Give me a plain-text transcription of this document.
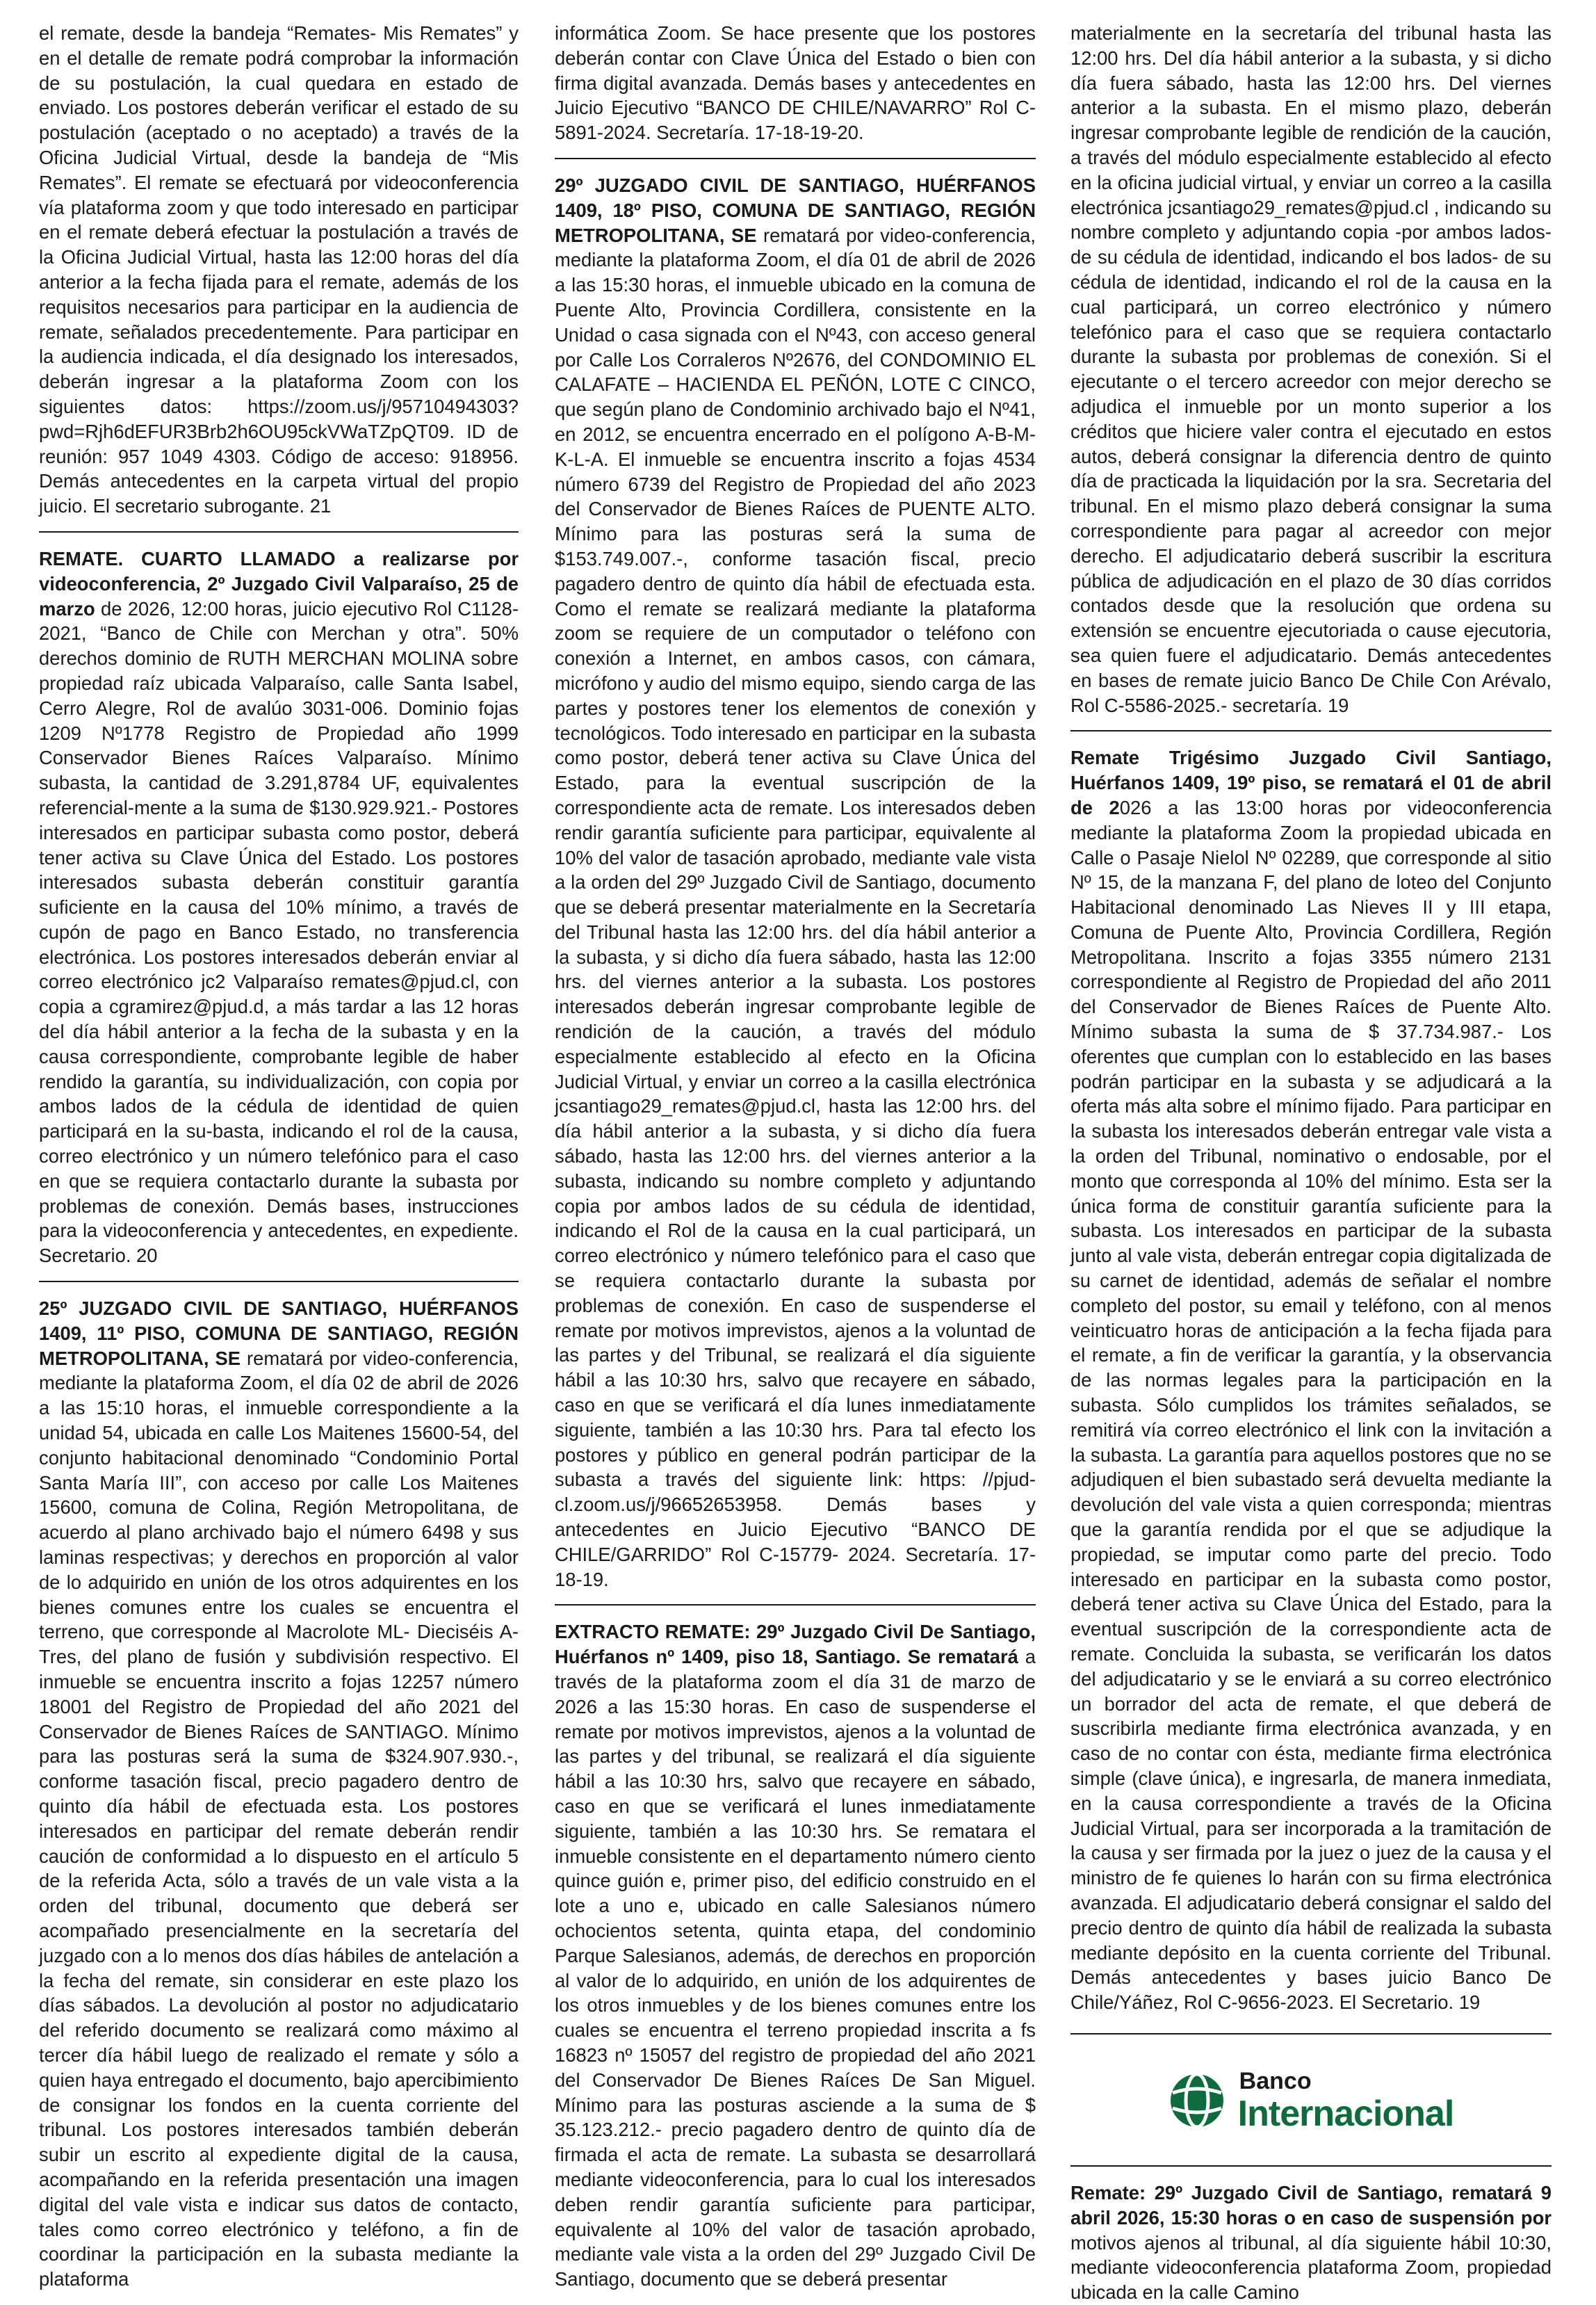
el remate, desde la bandeja “Remates- Mis Remates” y en el detalle de remate podrá comprobar la información de su postulación, la cual quedara en estado de enviado. Los postores deberán verificar el estado de su postulación (aceptado o no aceptado) a través de la Oficina Judicial Virtual, desde la bandeja de “Mis Remates”. El remate se efectuará por videoconferencia vía plataforma zoom y que todo interesado en participar en el remate deberá efectuar la postulación a través de la Oficina Judicial Virtual, hasta las 12:00 horas del día anterior a la fecha fijada para el remate, además de los requisitos necesarios para participar en la audiencia de remate, señalados precedentemente. Para participar en la audiencia indicada, el día designado los interesados, deberán ingresar a la plataforma Zoom con los siguientes datos: https://zoom.us/j/95710494303?pwd=Rjh6dEFUR3Brb2h6OU95ckVWaTZpQT09. ID de reunión: 957 1049 4303. Código de acceso: 918956. Demás antecedentes en la carpeta virtual del propio juicio. El secretario subrogante. 21

REMATE. CUARTO LLAMADO a realizarse por videoconferencia, 2º Juzgado Civil Valparaíso, 25 de marzo de 2026, 12:00 horas, juicio ejecutivo Rol C1128-2021, “Banco de Chile con Merchan y otra”. 50% derechos dominio de RUTH MERCHAN MOLINA sobre propiedad raíz ubicada Valparaíso, calle Santa Isabel, Cerro Alegre, Rol de avalúo 3031-006. Dominio fojas 1209 Nº1778 Registro de Propiedad año 1999 Conservador Bienes Raíces Valparaíso. Mínimo subasta, la cantidad de 3.291,8784 UF, equivalentes referencial-mente a la suma de $130.929.921.- Postores interesados en participar subasta como postor, deberá tener activa su Clave Única del Estado. Los postores interesados subasta deberán constituir garantía suficiente en la causa del 10% mínimo, a través de cupón de pago en Banco Estado, no transferencia electrónica. Los postores interesados deberán enviar al correo electrónico jc2 Valparaíso remates@pjud.cl, con copia a cgramirez@pjud.d, a más tardar a las 12 horas del día hábil anterior a la fecha de la subasta y en la causa correspondiente, comprobante legible de haber rendido la garantía, su individualización, con copia por ambos lados de la cédula de identidad de quien participará en la su-basta, indicando el rol de la causa, correo electrónico y un número telefónico para el caso en que se requiera contactarlo durante la subasta por problemas de conexión. Demás bases, instrucciones para la videoconferencia y antecedentes, en expediente. Secretario. 20

25º JUZGADO CIVIL DE SANTIAGO, HUÉRFANOS 1409, 11º PISO, COMUNA DE SANTIAGO, REGIÓN METROPOLITANA, SE rematará por video-conferencia, mediante la plataforma Zoom, el día 02 de abril de 2026 a las 15:10 horas, el inmueble correspondiente a la unidad 54, ubicada en calle Los Maitenes 15600-54, del conjunto habitacional denominado “Condominio Portal Santa María III”, con acceso por calle Los Maitenes 15600, comuna de Colina, Región Metropolitana, de acuerdo al plano archivado bajo el número 6498 y sus laminas respectivas; y derechos en proporción al valor de lo adquirido en unión de los otros adquirentes en los bienes comunes entre los cuales se encuentra el terreno, que corresponde al Macrolote ML- Dieciséis A- Tres, del plano de fusión y subdivisión respectivo. El inmueble se encuentra inscrito a fojas 12257 número 18001 del Registro de Propiedad del año 2021 del Conservador de Bienes Raíces de SANTIAGO. Mínimo para las posturas será la suma de $324.907.930.-, conforme tasación fiscal, precio pagadero dentro de quinto día hábil de efectuada esta. Los postores interesados en participar del remate deberán rendir caución de conformidad a lo dispuesto en el artículo 5 de la referida Acta, sólo a través de un vale vista a la orden del tribunal, documento que deberá ser acompañado presencialmente en la secretaría del juzgado con a lo menos dos días hábiles de antelación a la fecha del remate, sin considerar en este plazo los días sábados. La devolución al postor no adjudicatario del referido documento se realizará como máximo al tercer día hábil luego de realizado el remate y sólo a quien haya entregado el documento, bajo apercibimiento de consignar los fondos en la cuenta corriente del tribunal. Los postores interesados también deberán subir un escrito al expediente digital de la causa, acompañando en la referida presentación una imagen digital del vale vista e indicar sus datos de contacto, tales como correo electrónico y teléfono, a fin de coordinar la participación en la subasta mediante la plataforma

informática Zoom. Se hace presente que los postores deberán contar con Clave Única del Estado o bien con firma digital avanzada. Demás bases y antecedentes en Juicio Ejecutivo “BANCO DE CHILE/NAVARRO” Rol C-5891-2024. Secretaría. 17-18-19-20.

29º JUZGADO CIVIL DE SANTIAGO, HUÉRFANOS 1409, 18º PISO, COMUNA DE SANTIAGO, REGIÓN METROPOLITANA, SE rematará por video-conferencia, mediante la plataforma Zoom, el día 01 de abril de 2026 a las 15:30 horas, el inmueble ubicado en la comuna de Puente Alto, Provincia Cordillera, consistente en la Unidad o casa signada con el Nº43, con acceso general por Calle Los Corraleros Nº2676, del CONDOMINIO EL CALAFATE – HACIENDA EL PEÑÓN, LOTE C CINCO, que según plano de Condominio archivado bajo el Nº41, en 2012, se encuentra encerrado en el polígono A-B-M-K-L-A. El inmueble se encuentra inscrito a fojas 4534 número 6739 del Registro de Propiedad del año 2023 del Conservador de Bienes Raíces de PUENTE ALTO. Mínimo para las posturas será la suma de $153.749.007.-, conforme tasación fiscal, precio pagadero dentro de quinto día hábil de efectuada esta. Como el remate se realizará mediante la plataforma zoom se requiere de un computador o teléfono con conexión a Internet, en ambos casos, con cámara, micrófono y audio del mismo equipo, siendo carga de las partes y postores tener los elementos de conexión y tecnológicos. Todo interesado en participar en la subasta como postor, deberá tener activa su Clave Única del Estado, para la eventual suscripción de la correspondiente acta de remate. Los interesados deben rendir garantía suficiente para participar, equivalente al 10% del valor de tasación aprobado, mediante vale vista a la orden del 29º Juzgado Civil de Santiago, documento que se deberá presentar materialmente en la Secretaría del Tribunal hasta las 12:00 hrs. del día hábil anterior a la subasta, y si dicho día fuera sábado, hasta las 12:00 hrs. del viernes anterior a la subasta. Los postores interesados deberán ingresar comprobante legible de rendición de la caución, a través del módulo especialmente establecido al efecto en la Oficina Judicial Virtual, y enviar un correo a la casilla electrónica jcsantiago29_remates@pjud.cl, hasta las 12:00 hrs. del día hábil anterior a la subasta, y si dicho día fuera sábado, hasta las 12:00 hrs. del viernes anterior a la subasta, indicando su nombre completo y adjuntando copia por ambos lados de su cédula de identidad, indicando el Rol de la causa en la cual participará, un correo electrónico y número telefónico para el caso que se requiera contactarlo durante la subasta por problemas de conexión. En caso de suspenderse el remate por motivos imprevistos, ajenos a la voluntad de las partes y del Tribunal, se realizará el día siguiente hábil a las 10:30 hrs, salvo que recayere en sábado, caso en que se verificará el día lunes inmediatamente siguiente, también a las 10:30 hrs. Para tal efecto los postores y público en general podrán participar de la subasta a través del siguiente link: https: //pjud-cl.zoom.us/j/96652653958. Demás bases y antecedentes en Juicio Ejecutivo “BANCO DE CHILE/GARRIDO” Rol C-15779- 2024. Secretaría. 17-18-19.

EXTRACTO REMATE: 29º Juzgado Civil De Santiago, Huérfanos nº 1409, piso 18, Santiago. Se rematará a través de la plataforma zoom el día 31 de marzo de 2026 a las 15:30 horas. En caso de suspenderse el remate por motivos imprevistos, ajenos a la voluntad de las partes y del tribunal, se realizará el día siguiente hábil a las 10:30 hrs, salvo que recayere en sábado, caso en que se verificará el lunes inmediatamente siguiente, también a las 10:30 hrs. Se rematara el inmueble consistente en el departamento número ciento quince guión e, primer piso, del edificio construido en el lote a uno e, ubicado en calle Salesianos número ochocientos setenta, quinta etapa, del condominio Parque Salesianos, además, de derechos en proporción al valor de lo adquirido, en unión de los adquirentes de los otros inmuebles y de los bienes comunes entre los cuales se encuentra el terreno propiedad inscrita a fs 16823 nº 15057 del registro de propiedad del año 2021 del Conservador De Bienes Raíces De San Miguel. Mínimo para las posturas asciende a la suma de $ 35.123.212.- precio pagadero dentro de quinto día de firmada el acta de remate. La subasta se desarrollará mediante videoconferencia, para lo cual los interesados deben rendir garantía suficiente para participar, equivalente al 10% del valor de tasación aprobado, mediante vale vista a la orden del 29º Juzgado Civil De Santiago, documento que se deberá presentar

materialmente en la secretaría del tribunal hasta las 12:00 hrs. Del día hábil anterior a la subasta, y si dicho día fuera sábado, hasta las 12:00 hrs. Del viernes anterior a la subasta. En el mismo plazo, deberán ingresar comprobante legible de rendición de la caución, a través del módulo especialmente establecido al efecto en la oficina judicial virtual, y enviar un correo a la casilla electrónica jcsantiago29_remates@pjud.cl , indicando su nombre completo y adjuntando copia -por ambos lados- de su cédula de identidad, indicando el bos lados- de su cédula de identidad, indicando el rol de la causa en la cual participará, un correo electrónico y número telefónico para el caso que se requiera contactarlo durante la subasta por problemas de conexión. Si el ejecutante o el tercero acreedor con mejor derecho se adjudica el inmueble por un monto superior a los créditos que hiciere valer contra el ejecutado en estos autos, deberá consignar la diferencia dentro de quinto día de practicada la liquidación por la sra. Secretaria del tribunal. En el mismo plazo deberá consignar la suma correspondiente para pagar al acreedor con mejor derecho. El adjudicatario deberá suscribir la escritura pública de adjudicación en el plazo de 30 días corridos contados desde que la resolución que ordena su extensión se encuentre ejecutoriada o cause ejecutoria, sea quien fuere el adjudicatario. Demás antecedentes en bases de remate juicio Banco De Chile Con Arévalo, Rol C-5586-2025.- secretaría. 19

Remate Trigésimo Juzgado Civil Santiago, Huérfanos 1409, 19º piso, se rematará el 01 de abril de 2026 a las 13:00 horas por videoconferencia mediante la plataforma Zoom la propiedad ubicada en Calle o Pasaje Nielol Nº 02289, que corresponde al sitio Nº 15, de la manzana F, del plano de loteo del Conjunto Habitacional denominado Las Nieves II y III etapa, Comuna de Puente Alto, Provincia Cordillera, Región Metropolitana. Inscrito a fojas 3355 número 2131 correspondiente al Registro de Propiedad del año 2011 del Conservador de Bienes Raíces de Puente Alto. Mínimo subasta la suma de $ 37.734.987.- Los oferentes que cumplan con lo establecido en las bases podrán participar en la subasta y se adjudicará a la oferta más alta sobre el mínimo fijado. Para participar en la subasta los interesados deberán entregar vale vista a la orden del Tribunal, nominativo o endosable, por el monto que corresponda al 10% del mínimo. Esta ser la única forma de constituir garantía suficiente para la subasta. Los interesados en participar de la subasta junto al vale vista, deberán entregar copia digitalizada de su carnet de identidad, además de señalar el nombre completo del postor, su email y teléfono, con al menos veinticuatro horas de anticipación a la fecha fijada para el remate, a fin de verificar la garantía, y la observancia de las normas legales para la participación en la subasta. Sólo cumplidos los trámites señalados, se remitirá vía correo electrónico el link con la invitación a la subasta. La garantía para aquellos postores que no se adjudiquen el bien subastado será devuelta mediante la devolución del vale vista a quien corresponda; mientras que la garantía rendida por el que se adjudique la propiedad, se imputar como parte del precio. Todo interesado en participar en la subasta como postor, deberá tener activa su Clave Única del Estado, para la eventual suscripción de la correspondiente acta de remate. Concluida la subasta, se verificarán los datos del adjudicatario y se le enviará a su correo electrónico un borrador del acta de remate, el que deberá de suscribirla mediante firma electrónica avanzada, y en caso de no contar con ésta, mediante firma electrónica simple (clave única), e ingresarla, de manera inmediata, en la causa correspondiente a través de la Oficina Judicial Virtual, para ser incorporada a la tramitación de la causa y ser firmada por la juez o juez de la causa y el ministro de fe quienes lo harán con su firma electrónica avanzada. El adjudicatario deberá consignar el saldo del precio dentro de quinto día hábil de realizada la subasta mediante depósito en la cuenta corriente del Tribunal. Demás antecedentes y bases juicio Banco De Chile/Yáñez, Rol C-9656-2023. El Secretario. 19

Banco
Internacional

Remate: 29º Juzgado Civil de Santiago, rematará 9 abril 2026, 15:30 horas o en caso de suspensión por motivos ajenos al tribunal, al día siguiente hábil 10:30, mediante videoconferencia plataforma Zoom, propiedad ubicada en la calle Camino
